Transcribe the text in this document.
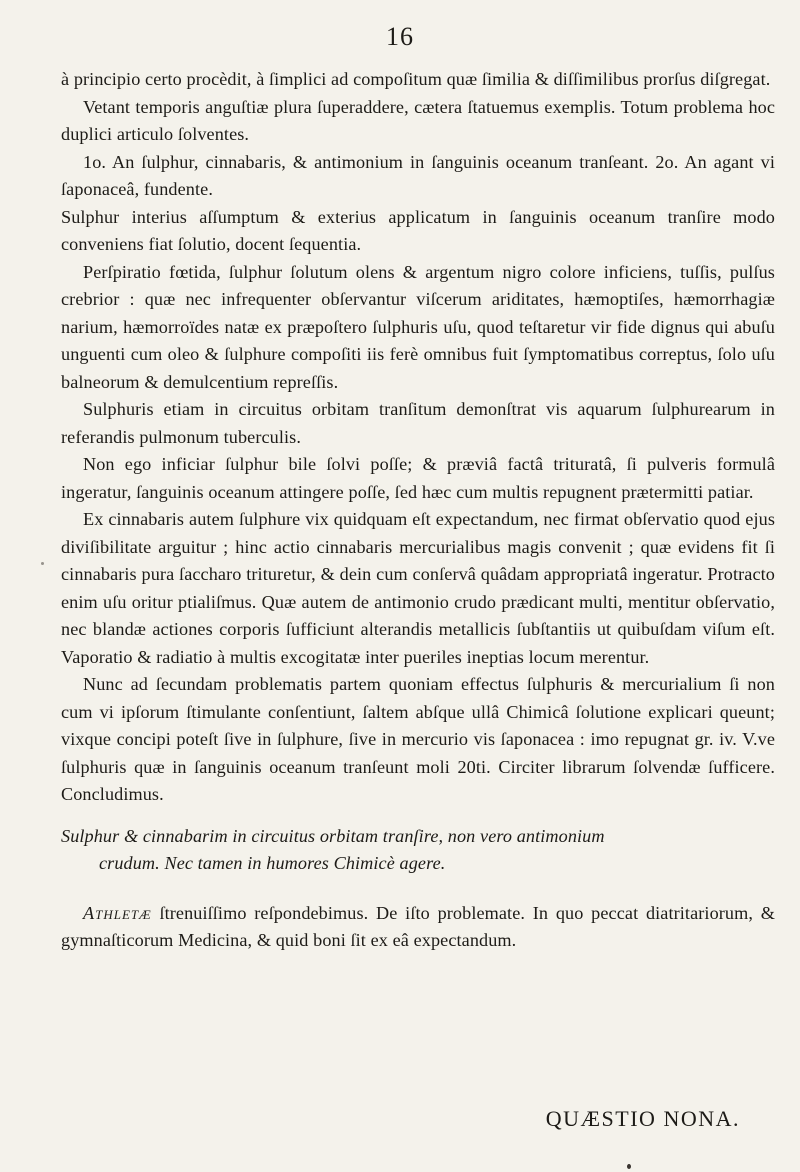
16

à principio certo procèdit, à ſimplici ad compoſitum quæ ſimilia & diſſimilibus prorſus diſgregat.

Vetant temporis anguſtiæ plura ſuperaddere, cætera ſtatuemus exemplis. Totum problema hoc duplici articulo ſolventes.

1o. An ſulphur, cinnabaris, & antimonium in ſanguinis oceanum tranſeant. 2o. An agant vi ſaponaceâ, fundente.

Sulphur interius aſſumptum & exterius applicatum in ſanguinis oceanum tranſire modo conveniens fiat ſolutio, docent ſequentia.

Perſpiratio fœtida, ſulphur ſolutum olens & argentum nigro colore inficiens, tuſſis, pulſus crebrior : quæ nec infrequenter obſervantur viſcerum ariditates, hæmoptiſes, hæmorrhagiæ narium, hæmorroïdes natæ ex præpoſtero ſulphuris uſu, quod teſtaretur vir fide dignus qui abuſu unguenti cum oleo & ſulphure compoſiti iis ferè omnibus fuit ſymptomatibus correptus, ſolo uſu balneorum & demulcentium repreſſis.

Sulphuris etiam in circuitus orbitam tranſitum demonſtrat vis aquarum ſulphurearum in referandis pulmonum tuberculis.

Non ego inficiar ſulphur bile ſolvi poſſe; & præviâ factâ trituratâ, ſi pulveris formulâ ingeratur, ſanguinis oceanum attingere poſſe, ſed hæc cum multis repugnent prætermitti patiar.

Ex cinnabaris autem ſulphure vix quidquam eſt expectandum, nec firmat obſervatio quod ejus diviſibilitate arguitur ; hinc actio cinnabaris mercurialibus magis convenit ; quæ evidens fit ſi cinnabaris pura ſaccharo trituretur, & dein cum conſervâ quâdam appropriatâ ingeratur. Protracto enim uſu oritur ptialiſmus. Quæ autem de antimonio crudo prædicant multi, mentitur obſervatio, nec blandæ actiones corporis ſufficiunt alterandis metallicis ſubſtantiis ut quibuſdam viſum eſt. Vaporatio & radiatio à multis excogitatæ inter pueriles ineptias locum merentur.

Nunc ad ſecundam problematis partem quoniam effectus ſulphuris & mercurialium ſi non cum vi ipſorum ſtimulante conſentiunt, ſaltem abſque ullâ Chimicâ ſolutione explicari queunt; vixque concipi poteſt ſive in ſulphure, ſive in mercurio vis ſaponacea : imo repugnat gr. iv. V.ve ſulphuris quæ in ſanguinis oceanum tranſeunt moli 20ti. Circiter librarum ſolvendæ ſufficere. Concludimus.

Sulphur & cinnabarim in circuitus orbitam tranſire, non vero antimonium
crudum. Nec tamen in humores Chimicè agere.

Athletæ ſtrenuiſſimo reſpondebimus. De iſto problemate. In quo peccat diatritariorum, & gymnaſticorum Medicina, & quid boni ſit ex eâ expectandum.

QUÆSTIO NONA.
